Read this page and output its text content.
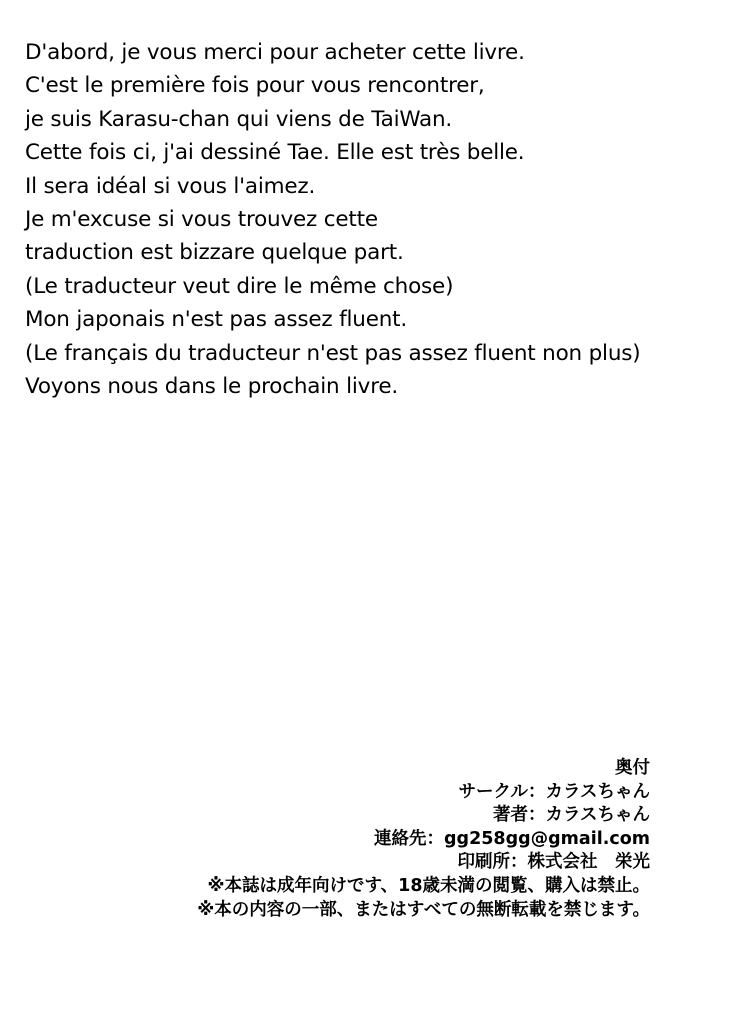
D'abord, je vous merci pour acheter cette livre.
C'est le première fois pour vous rencontrer,
je suis Karasu-chan qui viens de TaiWan.
Cette fois ci, j'ai dessiné Tae. Elle est très belle.
Il sera idéal si vous l'aimez.
Je m'excuse si vous trouvez cette
traduction est bizzare quelque part.
(Le traducteur veut dire le même chose)
Mon japonais n'est pas assez fluent.
(Le français du traducteur n'est pas assez fluent non plus)
Voyons nous dans le prochain livre.
奥付
サークル：カラスちゃん
著者：カラスちゃん
連絡先：gg258gg@gmail.com
印刷所：株式会社　栄光
※本誌は成年向けです、18歳未満の閲覧、購入は禁止。
※本の内容の一部、またはすべての無断転載を禁じます。
